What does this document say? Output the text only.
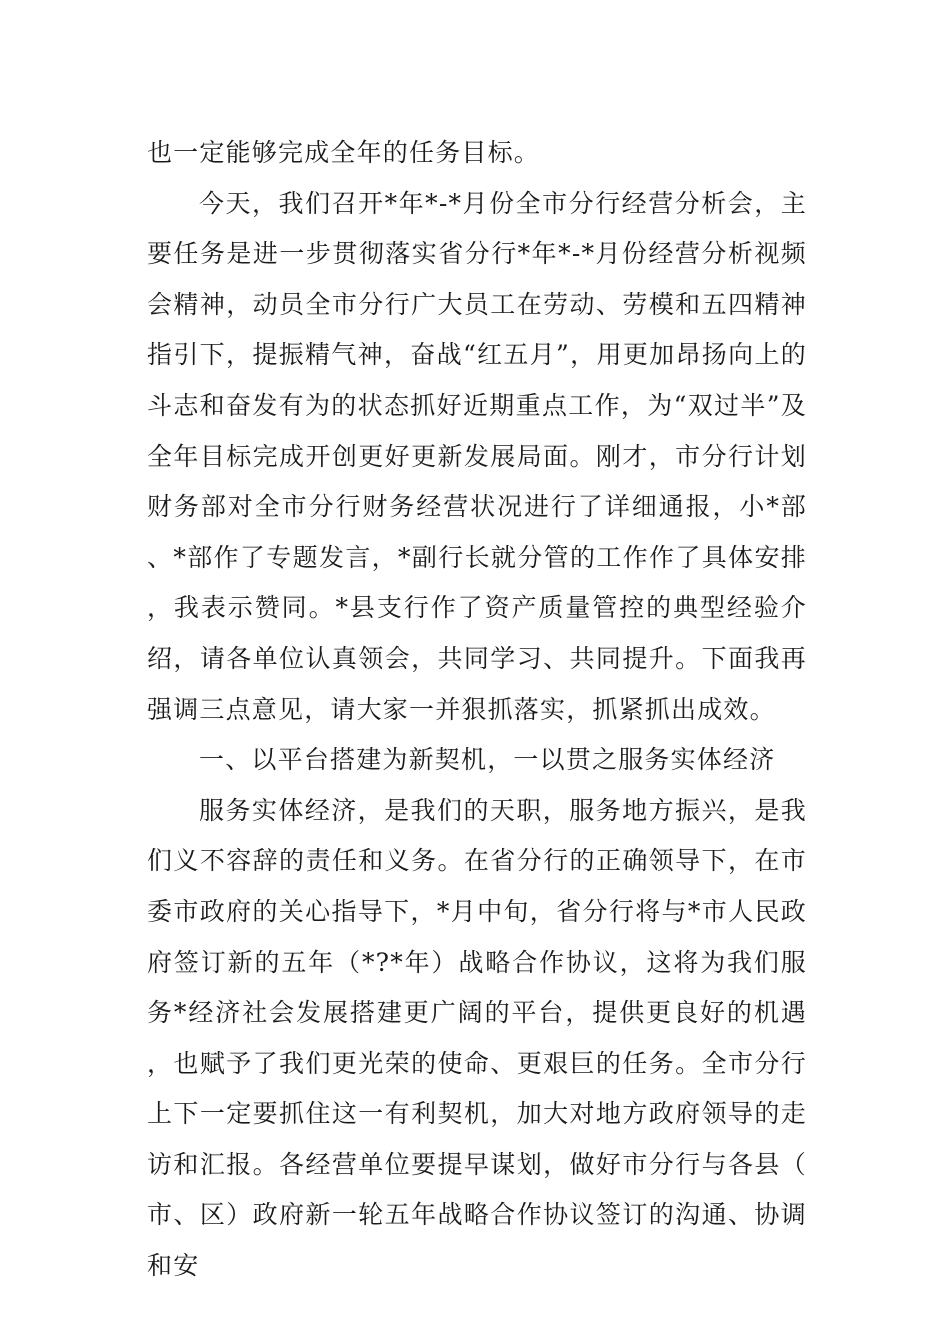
也一定能够完成全年的任务目标。

今天，我们召开*年*-*月份全市分行经营分析会，主要任务是进一步贯彻落实省分行*年*-*月份经营分析视频会精神，动员全市分行广大员工在劳动、劳模和五四精神指引下，提振精气神，奋战“红五月”，用更加昂扬向上的斗志和奋发有为的状态抓好近期重点工作，为“双过半”及全年目标完成开创更好更新发展局面。刚才，市分行计划财务部对全市分行财务经营状况进行了详细通报，小*部、*部作了专题发言，*副行长就分管的工作作了具体安排，我表示赞同。*县支行作了资产质量管控的典型经验介绍，请各单位认真领会，共同学习、共同提升。下面我再强调三点意见，请大家一并狠抓落实，抓紧抓出成效。

一、以平台搭建为新契机，一以贯之服务实体经济

服务实体经济，是我们的天职，服务地方振兴，是我们义不容辞的责任和义务。在省分行的正确领导下，在市委市政府的关心指导下，*月中旬，省分行将与*市人民政府签订新的五年（*?*年）战略合作协议，这将为我们服务*经济社会发展搭建更广阔的平台，提供更良好的机遇，也赋予了我们更光荣的使命、更艰巨的任务。全市分行上下一定要抓住这一有利契机，加大对地方政府领导的走访和汇报。各经营单位要提早谋划，做好市分行与各县（市、区）政府新一轮五年战略合作协议签订的沟通、协调和安
